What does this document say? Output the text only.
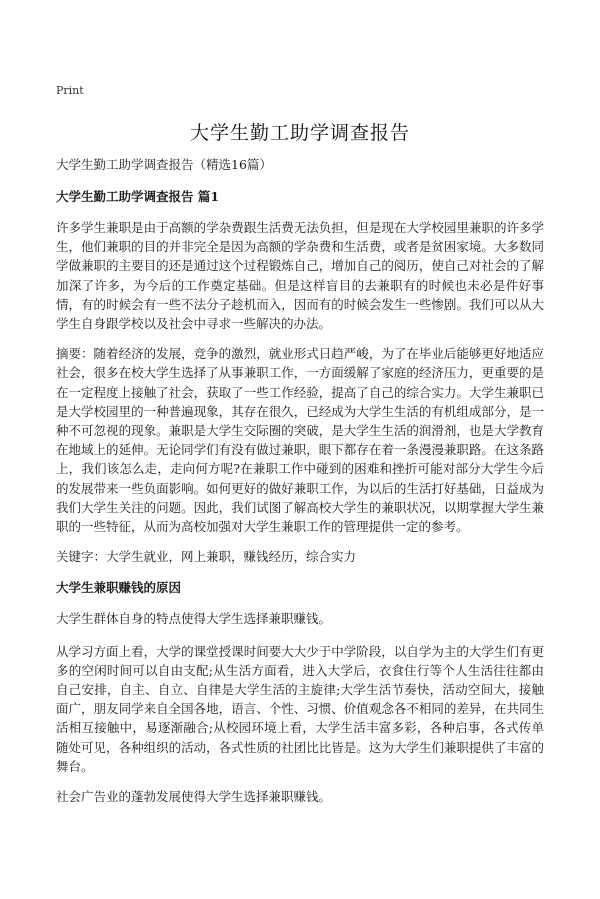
Print
大学生勤工助学调查报告

大学生勤工助学调查报告（精选16篇）

大学生勤工助学调查报告 篇1

许多学生兼职是由于高额的学杂费跟生活费无法负担，但是现在大学校园里兼职的许多学生，他们兼职的目的并非完全是因为高额的学杂费和生活费，或者是贫困家境。大多数同学做兼职的主要目的还是通过这个过程锻炼自己，增加自己的阅历，使自己对社会的了解加深了许多，为今后的工作奠定基础。但是这样盲目的去兼职有的时候也未必是件好事情，有的时候会有一些不法分子趁机而入，因而有的时候会发生一些惨剧。我们可以从大学生自身跟学校以及社会中寻求一些解决的办法。

摘要：随着经济的发展，竞争的激烈，就业形式日趋严峻，为了在毕业后能够更好地适应社会，很多在校大学生选择了从事兼职工作，一方面缓解了家庭的经济压力，更重要的是在一定程度上接触了社会，获取了一些工作经验，提高了自己的综合实力。大学生兼职已是大学校园里的一种普遍现象，其存在很久，已经成为大学生生活的有机组成部分，是一种不可忽视的现象。兼职是大学生交际圈的突破，是大学生生活的润滑剂，也是大学教育在地域上的延伸。无论同学们有没有做过兼职，眼下都存在着一条漫漫兼职路。在这条路上，我们该怎么走，走向何方呢?在兼职工作中碰到的困难和挫折可能对部分大学生今后的发展带来一些负面影响。如何更好的做好兼职工作，为以后的生活打好基础，日益成为我们大学生关注的问题。因此，我们试图了解高校大学生的兼职状况，以期掌握大学生兼职的一些特征，从而为高校加强对大学生兼职工作的管理提供一定的参考。

关键字：大学生就业，网上兼职，赚钱经历，综合实力

大学生兼职赚钱的原因

大学生群体自身的特点使得大学生选择兼职赚钱。

从学习方面上看，大学的课堂授课时间要大大少于中学阶段，以自学为主的大学生们有更多的空闲时间可以自由支配;从生活方面看，进入大学后，衣食住行等个人生活往往都由自己安排，自主、自立、自律是大学生活的主旋律;大学生活节奏快，活动空间大，接触面广，朋友同学来自全国各地，语言、个性、习惯、价值观念各不相同的差异，在共同生活相互接触中，易逐渐融合;从校园环境上看，大学生活丰富多彩，各种启事，各式传单随处可见，各种组织的活动，各式性质的社团比比皆是。这为大学生们兼职提供了丰富的舞台。

社会广告业的蓬勃发展使得大学生选择兼职赚钱。
